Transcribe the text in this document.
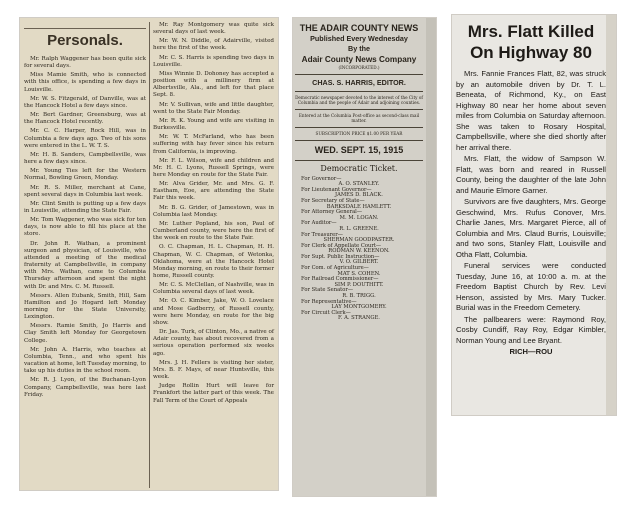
Personals.

Mr. Ralph Waggener has been quite sick for several days.

Miss Mamie Smith, who is connected with this office, is spending a few days in Louisville.

Mr. W. S. Fitzgerald, of Danville, was at the Hancock Hotel a few days since.

Mr. Bert Gardner, Greensburg, was at the Hancock Hotel recently.

Mr. C. C. Harper, Rock Hill, was in Columbia a few days ago. Two of his sons were entered in the L. W. T. S.

Mr. H. B. Sanders, Campbellsville, was here a few days since.

Mr. Young Ties left for the Western Normal, Bowling Green, Monday.

Mr. R. S. Miller, merchant at Cane, spent several days in Columbia last week.

Mr. Clint Smith is putting up a few days in Louisville, attending the State Fair.

Mr. Tom Waggener, who was sick for ten days, is now able to fill his place at the store.

Dr. John R. Wathan, a prominent surgeon and physician, of Louisville, who attended a meeting of the medical fraternity at Campbellsville, in company with Mrs. Wathan, came to Columbia Thursday afternoon and spent the night with Dr. and Mrs. C. M. Russell.

Messrs. Allen Eubank, Smith, Hill, Sam Hamilton and Jo Hogard left Monday morning for the State University, Lexington.

Messrs. Ramie Smith, Jo Harris and Clay Smith left Monday for Georgetown College.

Mr. John A. Harris, who teaches at Columbia, Tenn., and who spent his vacation at home, left Tuesday morning, to take up his duties in the school room.

Mr. R. J. Lyon, of the Buchanan-Lyon Company, Campbellsville, was here last Friday.

Mr. Ray Montgomery was quite sick several days of last week.

Mr. W. N. Diddle, of Adairville, visited here the first of the week.

Mr. C. S. Harris is spending two days in Louisville.

Miss Winnie D. Dohoney has accepted a position with a millinery firm at Albertsville, Ala., and left for that place Sept. 8.

Mr. V. Sullivan, wife and little daughter, went to the State Fair Monday.

Mr. R. K. Young and wife are visiting in Burkesville.

Mr. W. T. McFarland, who has been suffering with hay fever since his return from California, is improving.

Mr. F. L. Wilson, wife and children and Mr. H. C. Lyons, Russell Springs, were here Monday en route for the State Fair.

Mr. Alva Grider, Mr. and Mrs. G. F. Eastham, Eoe, are attending the State Fair this week.

Mr. B. G. Grider, of Jamestown, was in Columbia last Monday.

Mr. Luther Popland, his son, Paul of Cumberland county, were here the first of the week en route to the State Fair.

O. C. Chapman, H. L. Chapman, H. H. Chapman, W. C. Chapman, of Wetonka, Oklahoma, were at the Hancock Hotel Monday morning, en route to their former home, Russell county.

Mr. C. S. McClellan, of Nashville, was in Columbia several days of last week.

Mr. O. C. Kimber, Jake, W. O. Lovelace and Mose Gadberry, of Russell county, were here Monday, en route for the big show.

Dr. Jas. Turk, of Clinton, Mo., a native of Adair county, has about recovered from a serious operation performed six weeks ago.

Mrs. J. H. Fellers is visiting her sister, Mrs. B. F. Mays, of near Huntsville, this week.

Judge Rollin Hurt will leave for Frankfort the latter part of this week. The Fall Term of the Court of Appeals

THE ADAIR COUNTY NEWS
Published Every Wednesday
By the
Adair County News Company
(INCORPORATED.)
CHAS. S. HARRIS, EDITOR.
Democratic newspaper devoted to the interest of the City of Columbia and the people of Adair and adjoining counties.
Entered at the Columbia Post-office as second-class mail matter.
SUBSCRIPTION PRICE $1.00 PER YEAR
WED. SEPT. 15, 1915
Democratic Ticket.
For Governor—
A. O. STANLEY.
For Lieutenant Governor—
JAMES D. BLACK.
For Secretary of State—
BARKSDALE HAMLETT.
For Attorney General—
M. M. LOGAN.
For Auditor—
R. L. GREENE.
For Treasurer—
SHERMAN GOODPASTER.
For Clerk of Appellate Court—
RODMAN W. KEENON.
For Supt. Public Instruction—
V. O. GILBERT.
For Com. of Agriculture—
MAT S. COHEN.
For Railroad Commissioner—
SIM P. DOUTHITT.
For State Senator—
R. B. TRIGG.
For Representative—
LAY MONTGOMERY.
For Circuit Clerk—
F. A. STRANGE.
Mrs. Flatt Killed On Highway 80

Mrs. Fannie Frances Flatt, 82, was struck by an automobile driven by Dr. T. L. Beneata, of Richmond, Ky., on East Highway 80 near her home about seven miles from Columbia on Saturday afternoon. She was taken to Rosary Hospital, Campbellsville, where she died shortly after her arrival there.

Mrs. Flatt, the widow of Sampson W. Flatt, was born and reared in Russell County, being the daughter of the late John and Maurie Elmore Garner.

Survivors are five daughters, Mrs. George Geschwind, Mrs. Rufus Conover, Mrs. Charlie Janes, Mrs. Margaret Pierce, all of Columbia and Mrs. Claud Burris, Louisville; and two sons, Stanley Flatt, Louisville and Otha Flatt, Columbia.

Funeral services were conducted Tuesday, June 16, at 10:00 a. m. at the Freedom Baptist Church by Rev. Levi Henson, assisted by Mrs. Mary Tucker. Burial was in the Freedom Cemetery.

The pallbearers were: Raymond Roy, Cosby Cundiff, Ray Roy, Edgar Kimbler, Norman Young and Lee Bryant.

RICH—ROU
